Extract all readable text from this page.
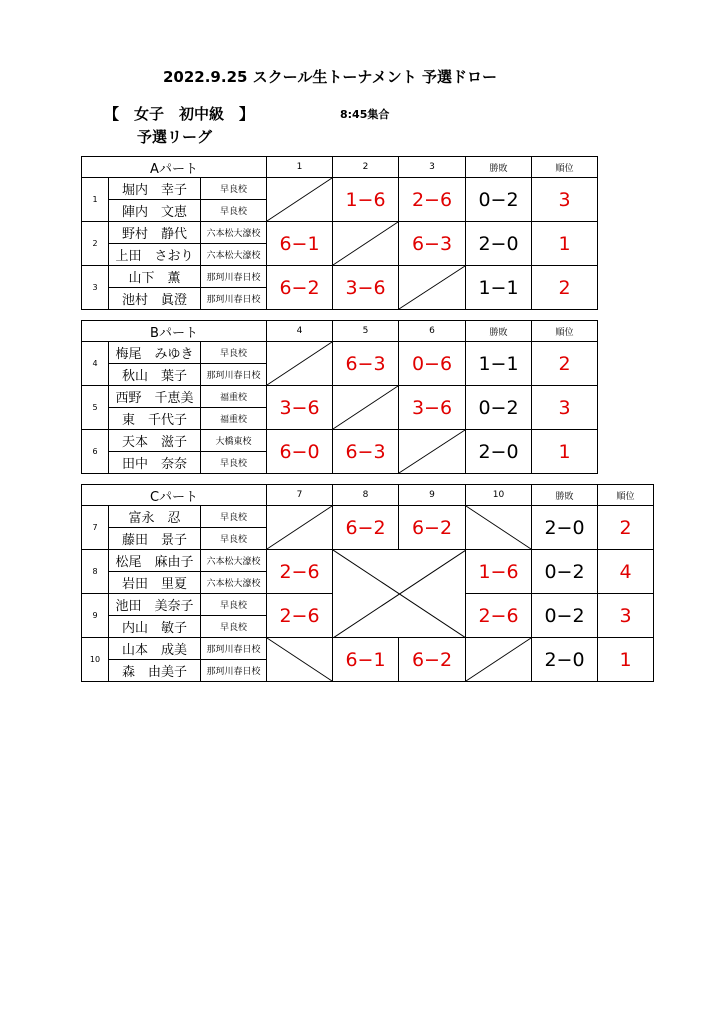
2022.9.25 スクール生トーナメント 予選ドロー
【　女子　初中級　】	8:45集合
予選リーグ
Aパート			1	2	3	勝敗	順位
1	堀内　幸子	早良校		1−6	2−6	0−2	3
	陣内　文恵	早良校					
2	野村　静代	六本松大濠校	6−1		6−3	2−0	1
	上田　さおり	六本松大濠校					
3	山下　薫	那珂川春日校	6−2	3−6		1−1	2
	池村　眞澄	那珂川春日校					
Bパート			4	5	6	勝敗	順位
4	梅尾　みゆき	早良校		6−3	0−6	1−1	2
	秋山　葉子	那珂川春日校					
5	西野　千恵美	福重校	3−6		3−6	0−2	3
	東　千代子	福重校					
6	天本　滋子	大橋東校	6−0	6−3		2−0	1
	田中　奈奈	早良校					
Cパート			7	8	9	10	勝敗	順位
7	富永　忍	早良校		6−2	6−2		2−0	2
	藤田　景子	早良校						
8	松尾　麻由子	六本松大濠校	2−6			1−6	0−2	4
	岩田　里夏	六本松大濠校						
9	池田　美奈子	早良校	2−6			2−6	0−2	3
	内山　敏子	早良校						
10	山本　成美	那珂川春日校		6−1	6−2		2−0	1
	森　由美子	那珂川春日校						
